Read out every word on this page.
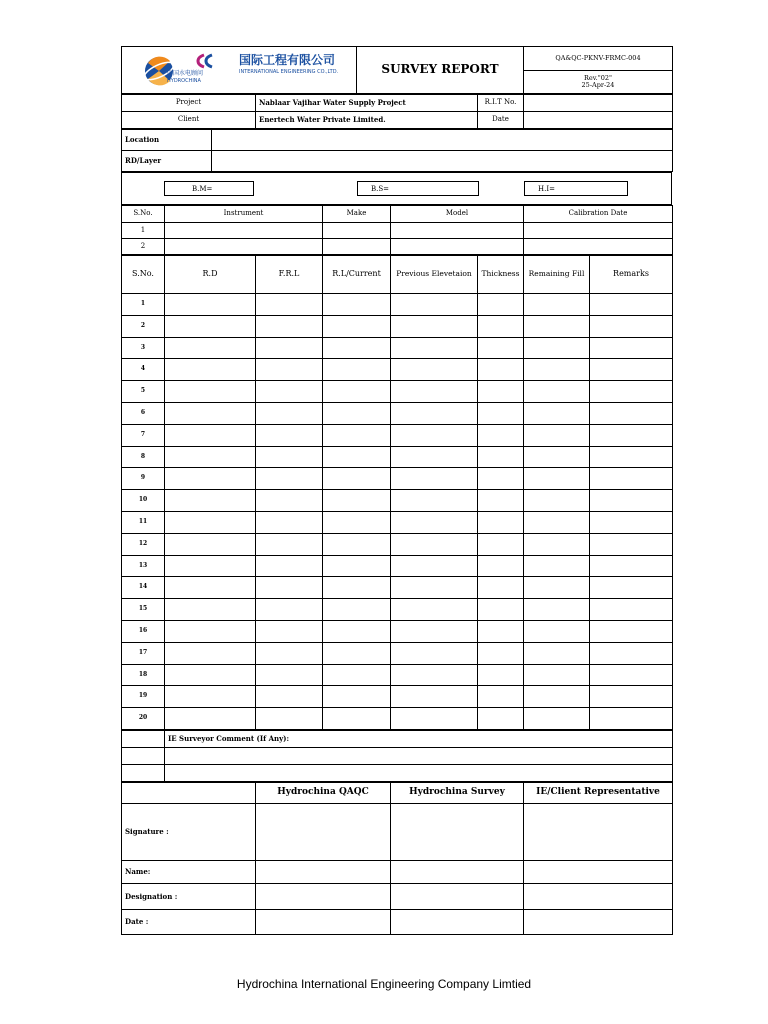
中国水电顾问
HYDROCHINA
国际工程有限公司
INTERNATIONAL ENGINEERING CO.,LTD.	SURVEY REPORT	QA&QC-PKNV-FRMC-004

Rev."02"
25-Apr-24
Project	Nablaar Vajihar Water Supply Project	R.I.T No.	
Client	Enertech Water Private Limited.	Date	
Location	
RD/Layer	
B.M=	B.S=	H.I=
S.No.	Instrument	Make	Model	Calibration Date
1				
2				
S.No.	R.D	F.R.L	R.L/Current	Previous Elevetaion	Thickness	Remaining Fill	Remarks
1							
2							
3							
4							
5							
6							
7							
8							
9							
10							
11							
12							
13							
14							
15							
16							
17							
18							
19							
20							
	IE Surveyor Comment (If Any):

	Hydrochina QAQC	Hydrochina Survey	IE/Client Representative
Signature :			
Name:			
Designation :			
Date :			
Hydrochina International Engineering Company Limtied
